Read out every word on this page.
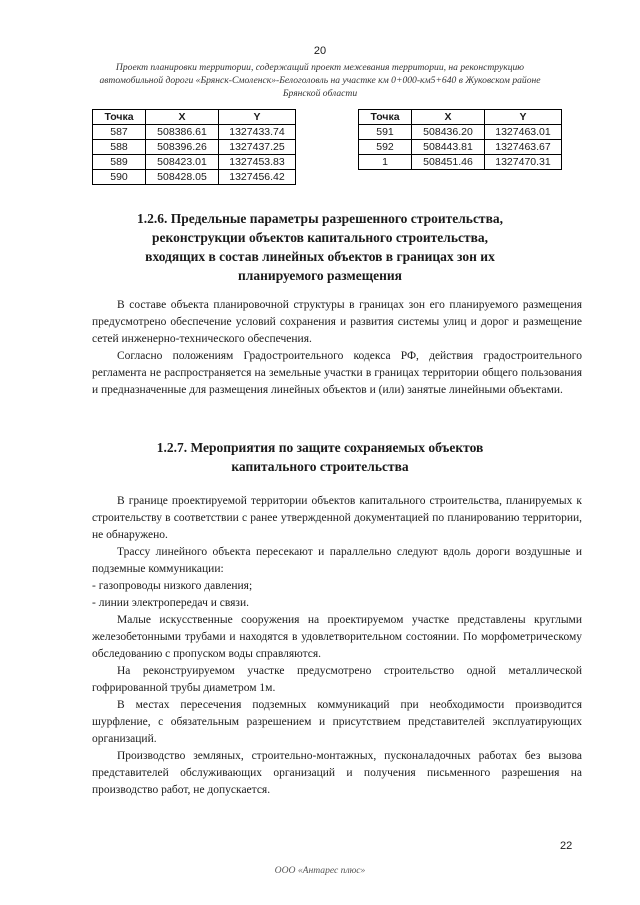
20
Проект планировки территории, содержащий проект межевания территории, на реконструкцию
автомобильной дороги «Брянск-Смоленск»-Белоголовль на участке км 0+000-км5+640 в Жуковском районе
Брянской области
Точка	X	Y
587	508386.61	1327433.74
588	508396.26	1327437.25
589	508423.01	1327453.83
590	508428.05	1327456.42
Точка	X	Y
591	508436.20	1327463.01
592	508443.81	1327463.67
1	508451.46	1327470.31
1.2.6. Предельные параметры разрешенного строительства,
реконструкции объектов капитального строительства,
входящих в состав линейных объектов в границах зон их
планируемого размещения

В составе объекта планировочной структуры в границах зон его планируемого размещения предусмотрено обеспечение условий сохранения и развития системы улиц и дорог и размещение сетей инженерно-технического обеспечения.

Согласно положениям Градостроительного кодекса РФ, действия градостроительного регламента не распространяется на земельные участки в границах территории общего пользования и предназначенные для размещения линейных объектов и (или) занятые линейными объектами.

1.2.7. Мероприятия по защите сохраняемых объектов
капитального строительства

В границе проектируемой территории объектов капитального строительства, планируемых к строительству в соответствии с ранее утвержденной документацией по планированию территории, не обнаружено.

Трассу линейного объекта пересекают и параллельно следуют вдоль дороги воздушные и подземные коммуникации:

- газопроводы низкого давления;

- линии электропередач и связи.

Малые искусственные сооружения на проектируемом участке представлены круглыми железобетонными трубами и находятся в удовлетворительном состоянии. По морфометрическому обследованию с пропуском воды справляются.

На реконструируемом участке предусмотрено строительство одной металлической гофрированной трубы диаметром 1м.

В местах пересечения подземных коммуникаций при необходимости производится шурфление, с обязательным разрешением и присутствием представителей эксплуатирующих организаций.

Производство земляных, строительно-монтажных, пусконаладочных работах без вызова представителей обслуживающих организаций и получения письменного разрешения на производство работ, не допускается.

22
ООО «Антарес плюс»
